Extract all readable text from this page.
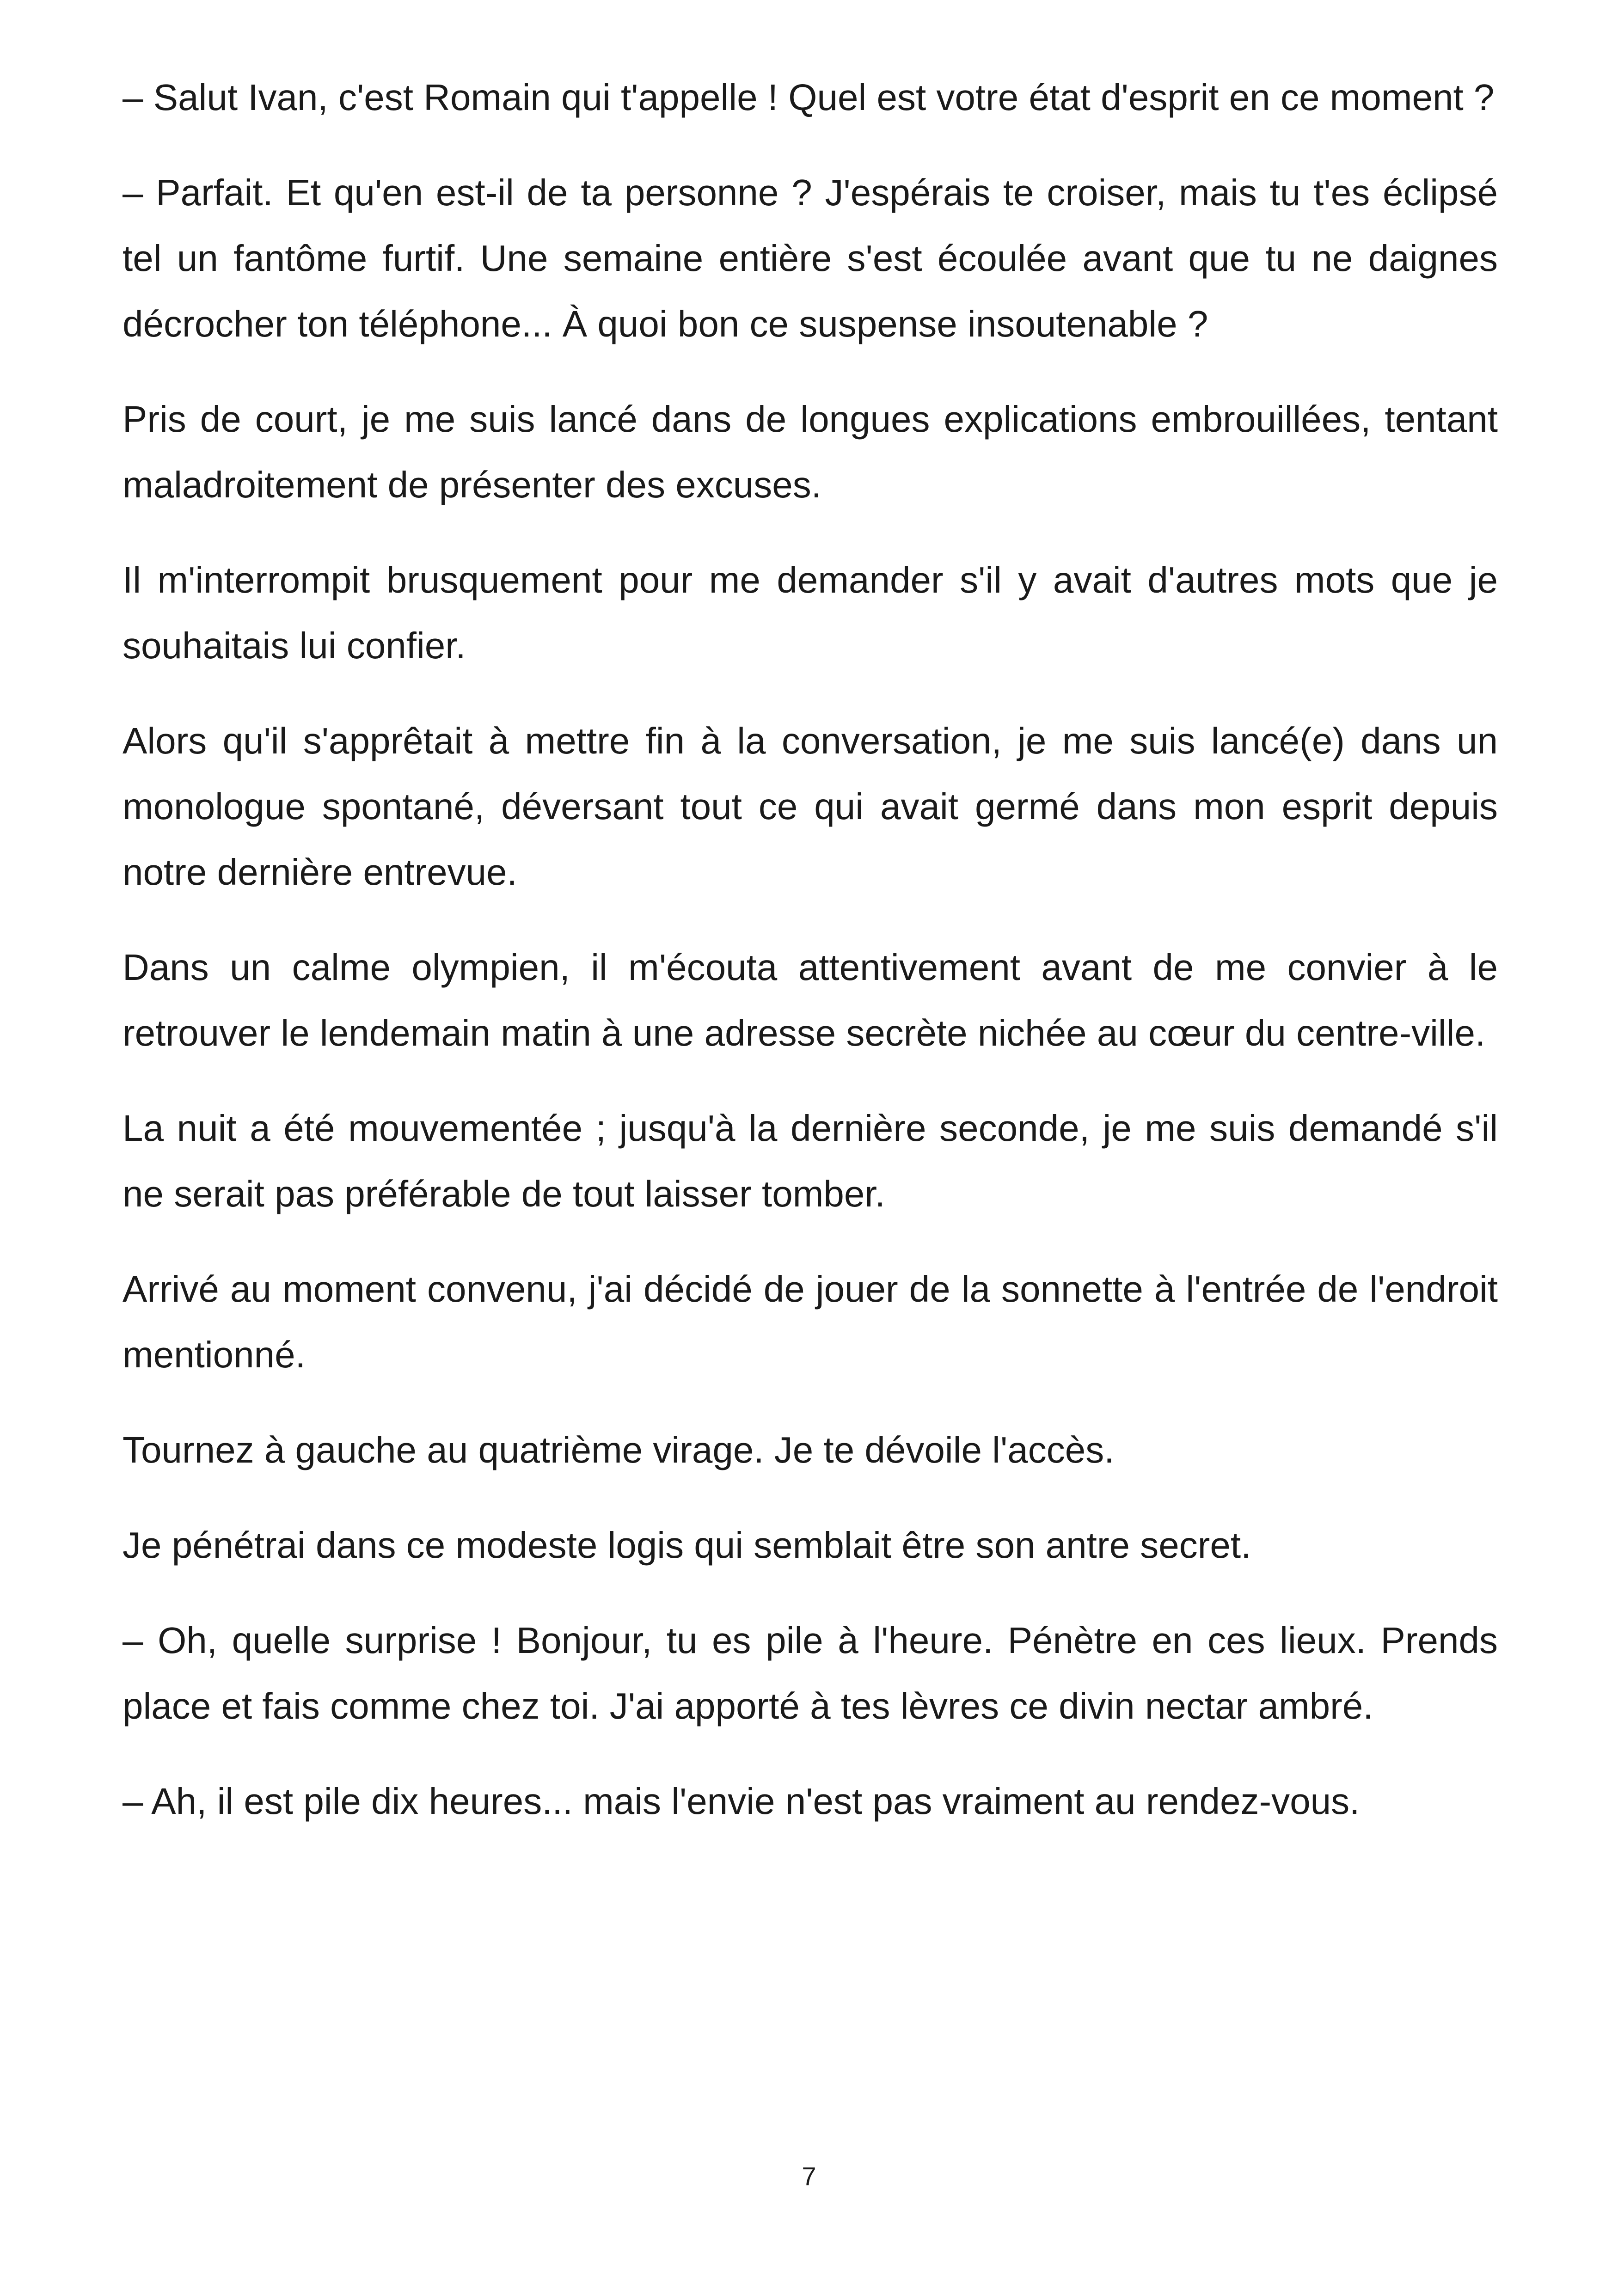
– Salut Ivan, c'est Romain qui t'appelle ! Quel est votre état d'esprit en ce moment ?

– Parfait. Et qu'en est-il de ta personne ? J'espérais te croiser, mais tu t'es éclipsé tel un fantôme furtif. Une semaine entière s'est écoulée avant que tu ne daignes décrocher ton téléphone... À quoi bon ce suspense insoutenable ?

Pris de court, je me suis lancé dans de longues explications embrouillées, tentant maladroitement de présenter des excuses.

Il m'interrompit brusquement pour me demander s'il y avait d'autres mots que je souhaitais lui confier.

Alors qu'il s'apprêtait à mettre fin à la conversation, je me suis lancé(e) dans un monologue spontané, déversant tout ce qui avait germé dans mon esprit depuis notre dernière entrevue.

Dans un calme olympien, il m'écouta attentivement avant de me convier à le retrouver le lendemain matin à une adresse secrète nichée au cœur du centre-ville.

La nuit a été mouvementée ; jusqu'à la dernière seconde, je me suis demandé s'il ne serait pas préférable de tout laisser tomber.

Arrivé au moment convenu, j'ai décidé de jouer de la sonnette à l'entrée de l'endroit mentionné.

Tournez à gauche au quatrième virage. Je te dévoile l'accès.

Je pénétrai dans ce modeste logis qui semblait être son antre secret.

– Oh, quelle surprise ! Bonjour, tu es pile à l'heure. Pénètre en ces lieux. Prends place et fais comme chez toi. J'ai apporté à tes lèvres ce divin nectar ambré.

– Ah, il est pile dix heures... mais l'envie n'est pas vraiment au rendez-vous.

7
